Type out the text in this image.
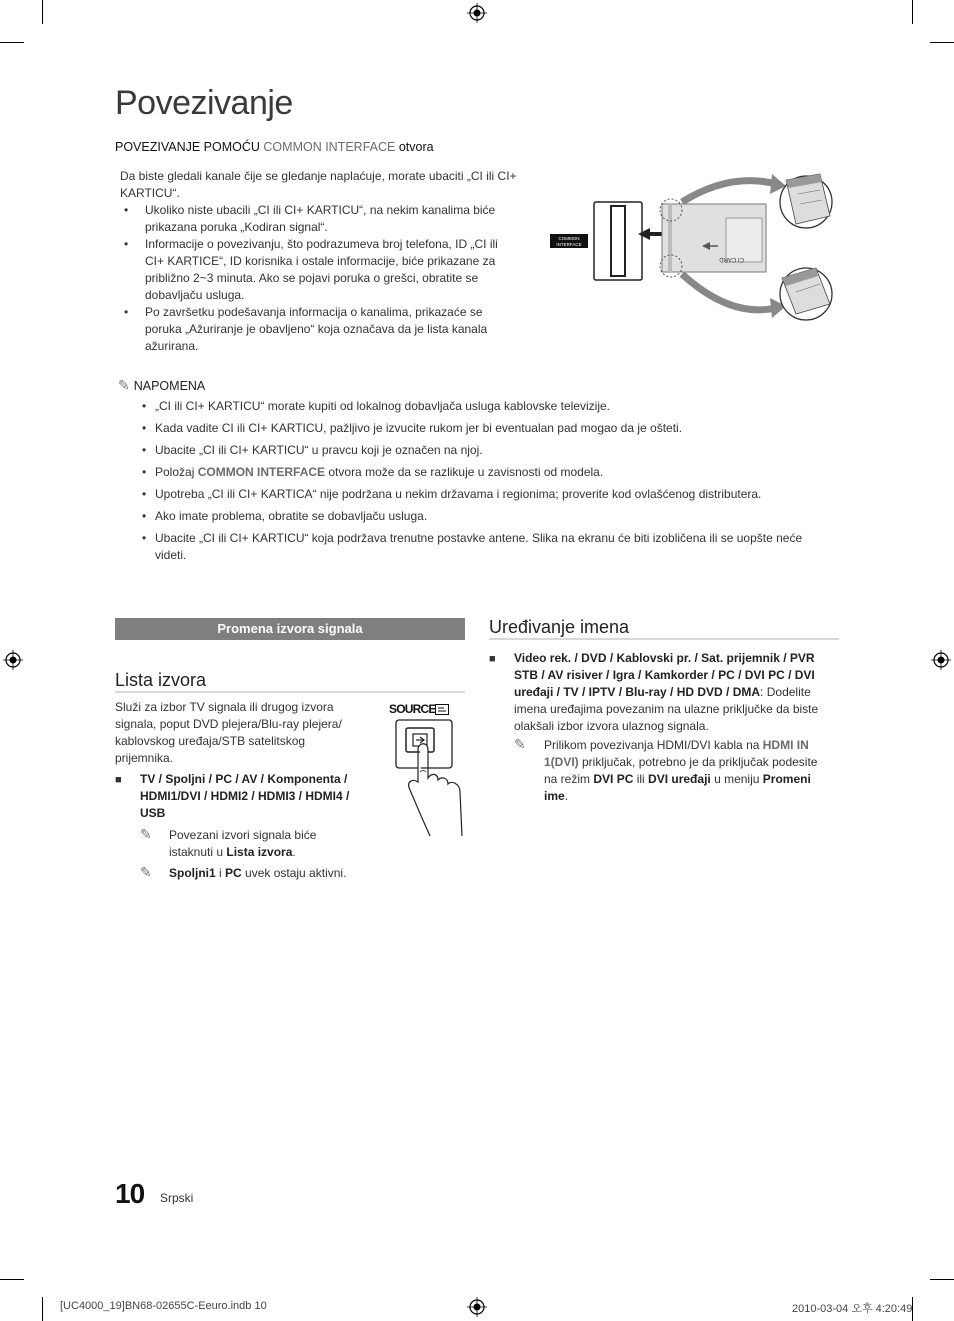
Povezivanje
POVEZIVANJE POMOĆU COMMON INTERFACE otvora
Da biste gledali kanale čije se gledanje naplaćuje, morate ubaciti „CI ili CI+ KARTICU“.
• Ukoliko niste ubacili „CI ili CI+ KARTICU“, na nekim kanalima biće prikazana poruka „Kodiran signal“.
• Informacije o povezivanju, što podrazumeva broj telefona, ID „CI ili CI+ KARTICE“, ID korisnika i ostale informacije, biće prikazane za približno 2~3 minuta. Ako se pojavi poruka o grešci, obratite se dobavljaču usluga.
• Po završetku podešavanja informacija o kanalima, prikazaće se poruka „Ažuriranje je obavljeno“ koja označava da je lista kanala ažurirana.
COMMON
INTERFACE
CI CARD
✎ NAPOMENA
• „CI ili CI+ KARTICU“ morate kupiti od lokalnog dobavljača usluga kablovske televizije.
• Kada vadite CI ili CI+ KARTICU, pažljivo je izvucite rukom jer bi eventualan pad mogao da je ošteti.
• Ubacite „CI ili CI+ KARTICU“ u pravcu koji je označen na njoj.
• Položaj COMMON INTERFACE otvora može da se razlikuje u zavisnosti od modela.
• Upotreba „CI ili CI+ KARTICA“ nije podržana u nekim državama i regionima; proverite kod ovlašćenog distributera.
• Ako imate problema, obratite se dobavljaču usluga.
• Ubacite „CI ili CI+ KARTICU“ koja podržava trenutne postavke antene. Slika na ekranu će biti izobličena ili se uopšte neće videti.
Promena izvora signala
Lista izvora
Služi za izbor TV signala ili drugog izvora signala, poput DVD plejera/Blu-ray plejera/ kablovskog uređaja/STB satelitskog prijemnika.
■	TV / Spoljni / PC / AV / Komponenta / HDMI1/DVI / HDMI2 / HDMI3 / HDMI4 / USB
✎	Povezani izvori signala biće istaknuti u Lista izvora.
✎	Spoljni1 i PC uvek ostaju aktivni.
SOURCE
Uređivanje imena
■	Video rek. / DVD / Kablovski pr. / Sat. prijemnik / PVR STB / AV risiver / Igra / Kamkorder / PC / DVI PC / DVI uređaji / TV / IPTV / Blu-ray / HD DVD / DMA: Dodelite imena uređajima povezanim na ulazne priključke da biste olakšali izbor izvora ulaznog signala.
✎	Prilikom povezivanja HDMI/DVI kabla na HDMI IN 1(DVI) priključak, potrebno je da priključak podesite na režim DVI PC ili DVI uređaji u meniju Promeni ime.
10 Srpski
[UC4000_19]BN68-02655C-Eeuro.indb 10	2010-03-04 오후 4:20:49
